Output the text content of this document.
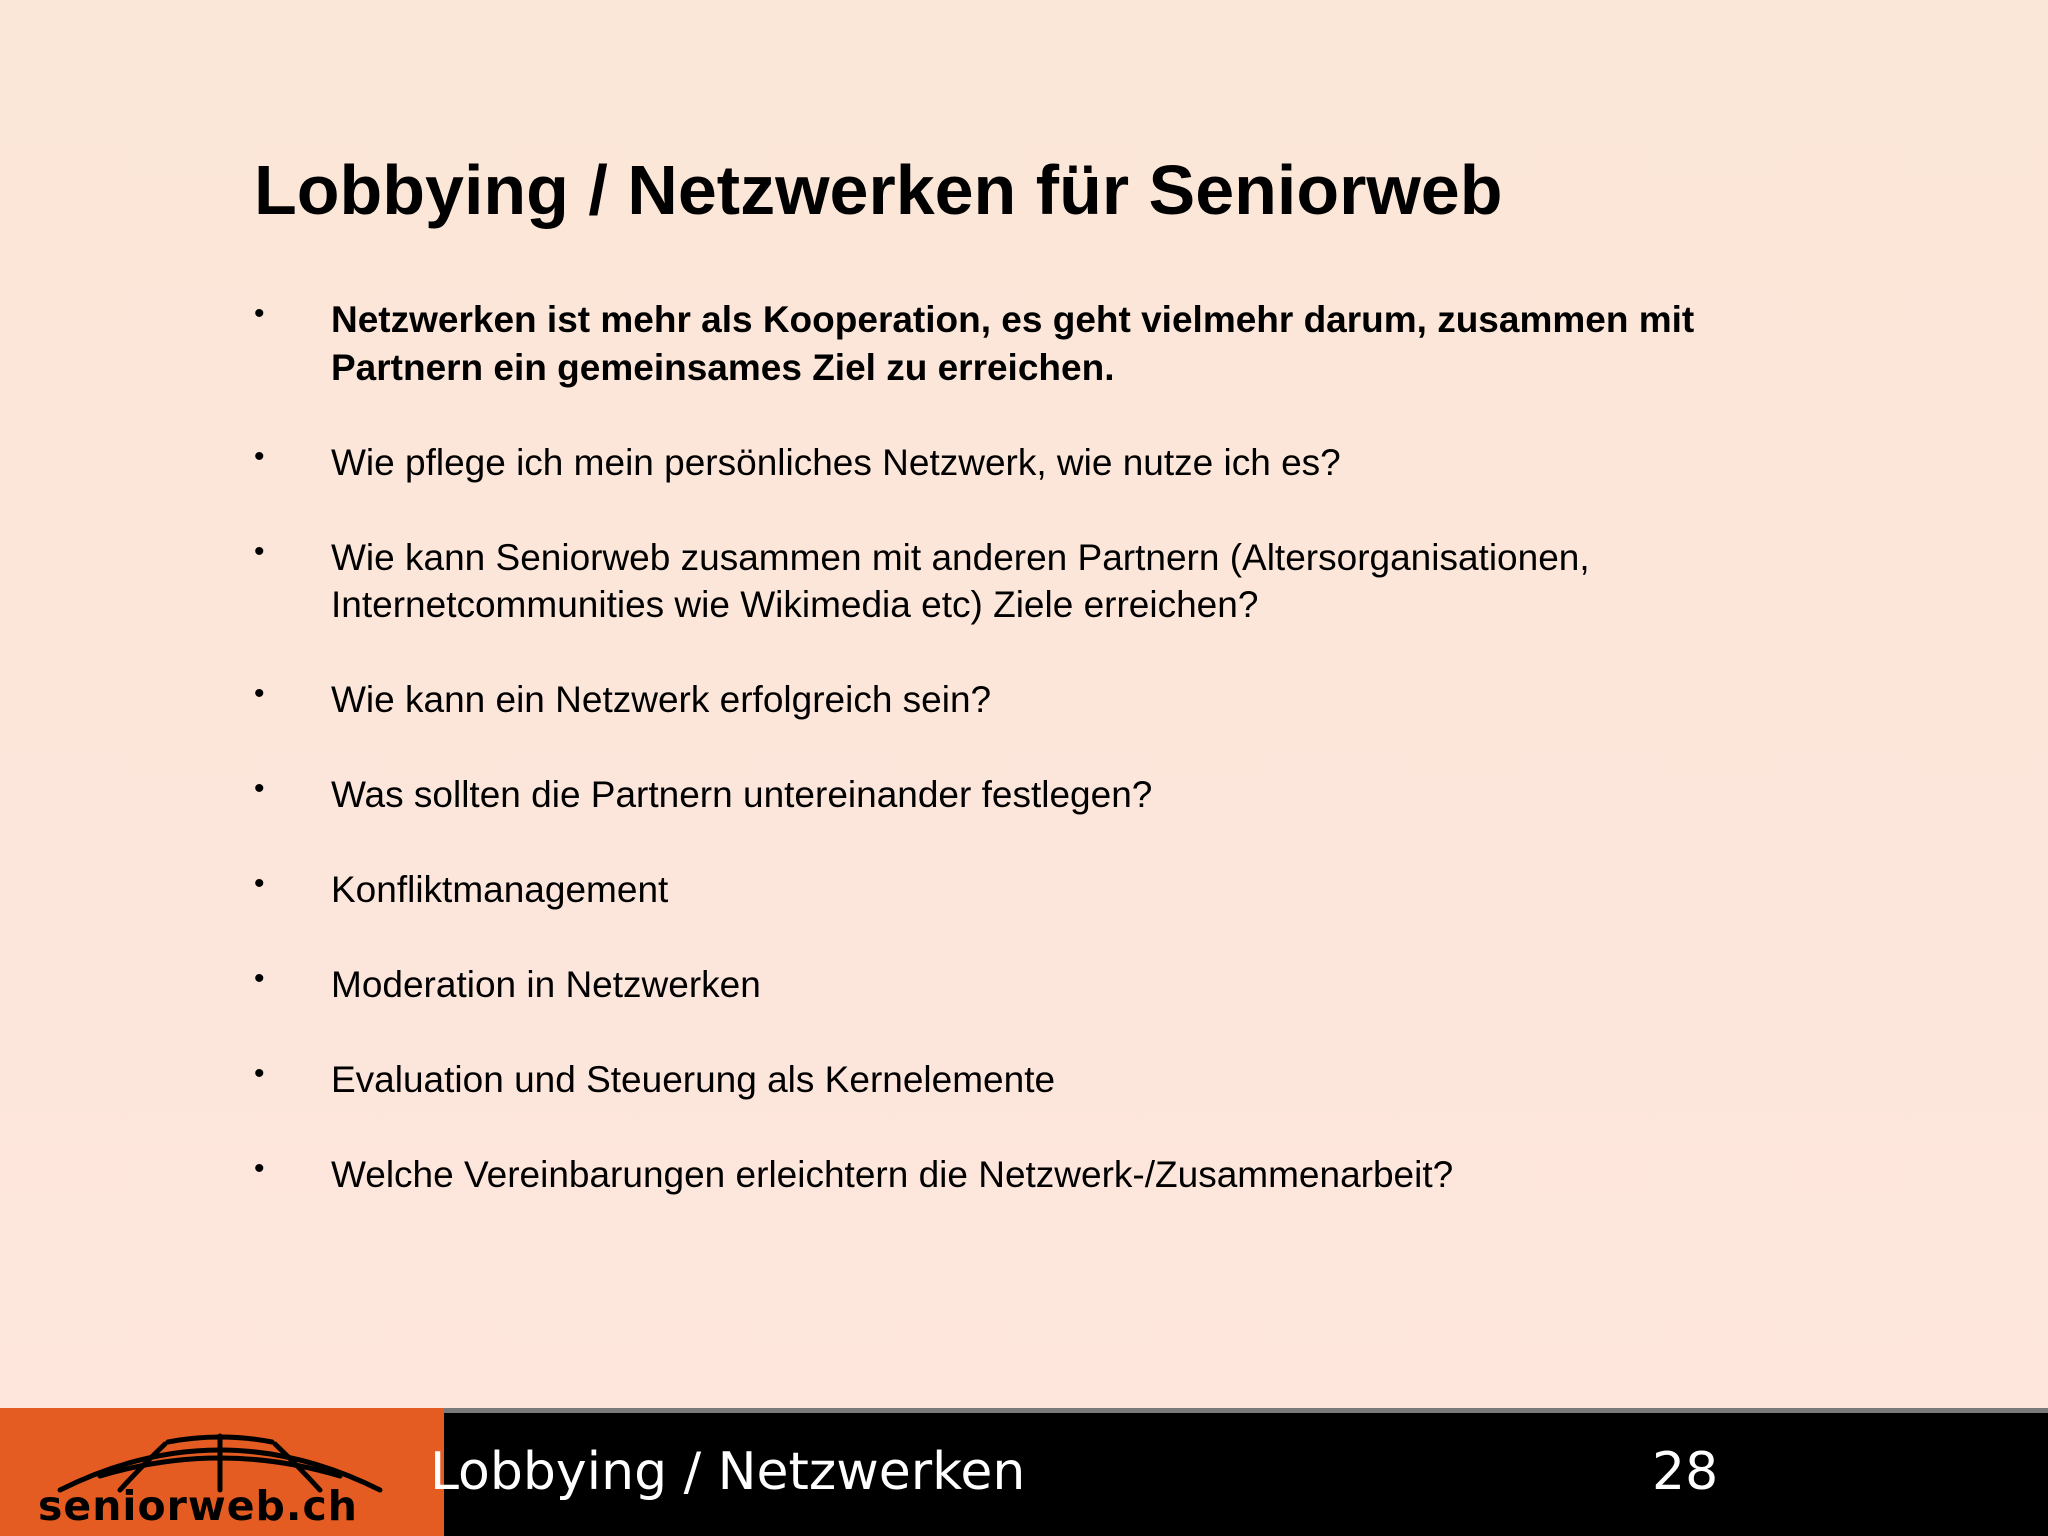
Lobbying / Netzwerken für Seniorweb
• Netzwerken ist mehr als Kooperation, es geht vielmehr darum, zusammen mit Partnern ein gemeinsames Ziel zu erreichen.
• Wie pflege ich mein persönliches Netzwerk, wie nutze ich es?
• Wie kann Seniorweb zusammen mit anderen Partnern (Altersorganisationen, Internetcommunities wie Wikimedia etc) Ziele erreichen?
• Wie kann ein Netzwerk erfolgreich sein?
• Was sollten die Partnern untereinander festlegen?
• Konfliktmanagement
• Moderation in Netzwerken
• Evaluation und Steuerung als Kernelemente
• Welche Vereinbarungen erleichtern die Netzwerk-/Zusammenarbeit?
seniorweb.ch
Lobbying / Netzwerken	28
